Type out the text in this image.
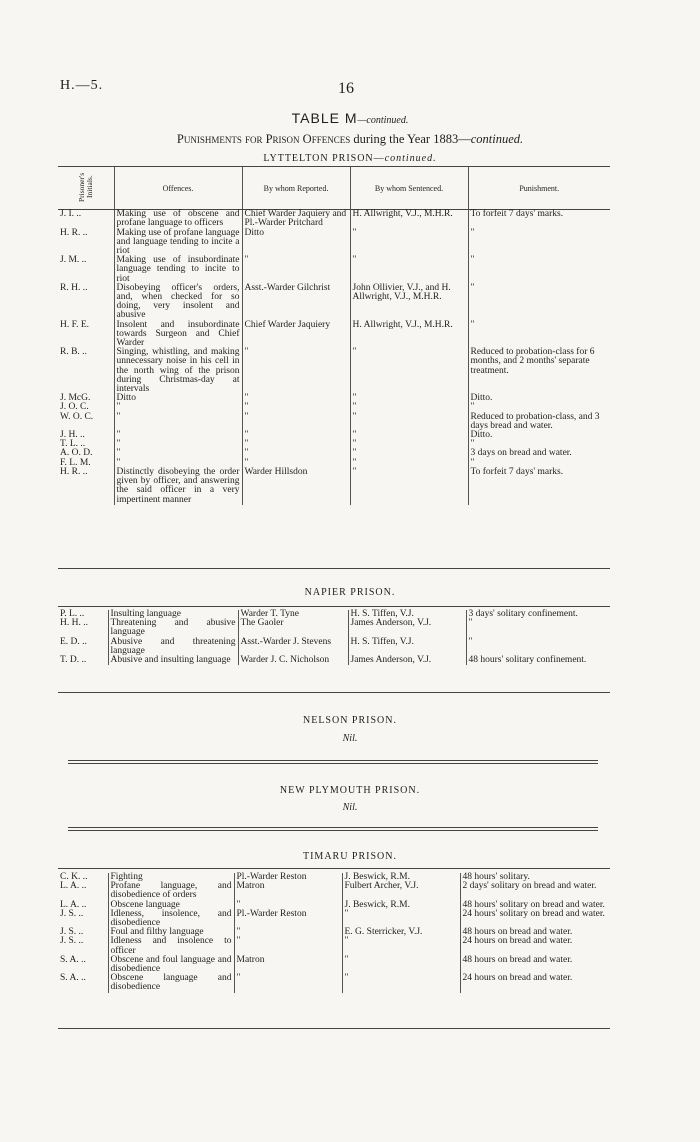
H.—5.	16
TABLE M—continued.
Punishments for Prison Offences during the Year 1883—continued.
LYTTELTON PRISON—continued.
Prisoner's Initials.	Offences.	By whom Reported.	By whom Sentenced.	Punishment.
J. I. ..	Making use of obscene and profane language to officers	Chief Warder Jaquiery and Pl.-Warder Pritchard	H. Allwright, V.J., M.H.R.	To forfeit 7 days' marks.
H. R. ..	Making use of profane language and language tending to incite a riot	Ditto	"	"
J. M. ..	Making use of insubordinate language tending to incite to riot	"	"	"
R. H. ..	Disobeying officer's orders, and, when checked for so doing, very insolent and abusive	Asst.-Warder Gilchrist	John Ollivier, V.J., and H. Allwright, V.J., M.H.R.	"
H. F. E.	Insolent and insubordinate towards Surgeon and Chief Warder	Chief Warder Jaquiery	H. Allwright, V.J., M.H.R.	"
R. B. ..	Singing, whistling, and making unnecessary noise in his cell in the north wing of the prison during Christmas-day at intervals	"	"	Reduced to probation-class for 6 months, and 2 months' separate treatment.
J. McG.	Ditto	"	"	Ditto.
J. O. C.	"	"	"	"
W. O. C.	"	"	"	Reduced to probation-class, and 3 days bread and water.
J. H. ..	"	"	"	Ditto.
T. L. ..	"	"	"	"
A. O. D.	"	"	"	3 days on bread and water.
F. L. M.	"	"	"	"
H. R. ..	Distinctly disobeying the order given by officer, and answering the said officer in a very impertinent manner	Warder Hillsdon	"	To forfeit 7 days' marks.
NAPIER PRISON.
P. L. ..	Insulting language	Warder T. Tyne	H. S. Tiffen, V.J.	3 days' solitary confinement.
H. H. ..	Threatening and abusive language	The Gaoler	James Anderson, V.J.	"
E. D. ..	Abusive and threatening language	Asst.-Warder J. Stevens	H. S. Tiffen, V.J.	"
T. D. ..	Abusive and insulting language	Warder J. C. Nicholson	James Anderson, V.J.	48 hours' solitary confinement.
NELSON PRISON.
Nil.
NEW PLYMOUTH PRISON.
Nil.
TIMARU PRISON.
C. K. ..	Fighting	Pl.-Warder Reston	J. Beswick, R.M.	48 hours' solitary.
L. A. ..	Profane language, and disobedience of orders	Matron	Fulbert Archer, V.J.	2 days' solitary on bread and water.
L. A. ..	Obscene language	"	J. Beswick, R.M.	48 hours' solitary on bread and water.
J. S. ..	Idleness, insolence, and disobedience	Pl.-Warder Reston	"	24 hours' solitary on bread and water.
J. S. ..	Foul and filthy language	"	E. G. Sterricker, V.J.	48 hours on bread and water.
J. S. ..	Idleness and insolence to officer	"	"	24 hours on bread and water.
S. A. ..	Obscene and foul language and disobedience	Matron	"	48 hours on bread and water.
S. A. ..	Obscene language and disobedience	"	"	24 hours on bread and water.
